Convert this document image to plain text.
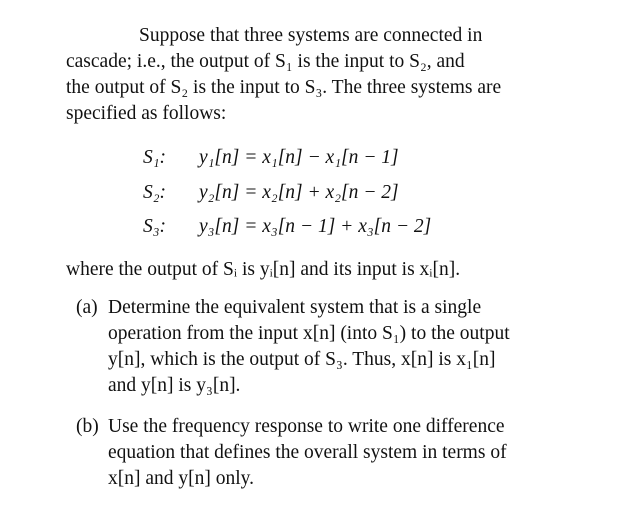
Suppose that three systems are connected in
cascade; i.e., the output of S₁ is the input to S₂, and
the output of S₂ is the input to S₃. The three systems are
specified as follows:
S₁: y₁[n] = x₁[n] − x₁[n − 1]
S₂: y₂[n] = x₂[n] + x₂[n − 2]
S₃: y₃[n] = x₃[n − 1] + x₃[n − 2]
where the output of Sᵢ is yᵢ[n] and its input is xᵢ[n].
(a) Determine the equivalent system that is a single
operation from the input x[n] (into S₁) to the output
y[n], which is the output of S₃. Thus, x[n] is x₁[n]
and y[n] is y₃[n].
(b) Use the frequency response to write one difference
equation that defines the overall system in terms of
x[n] and y[n] only.
